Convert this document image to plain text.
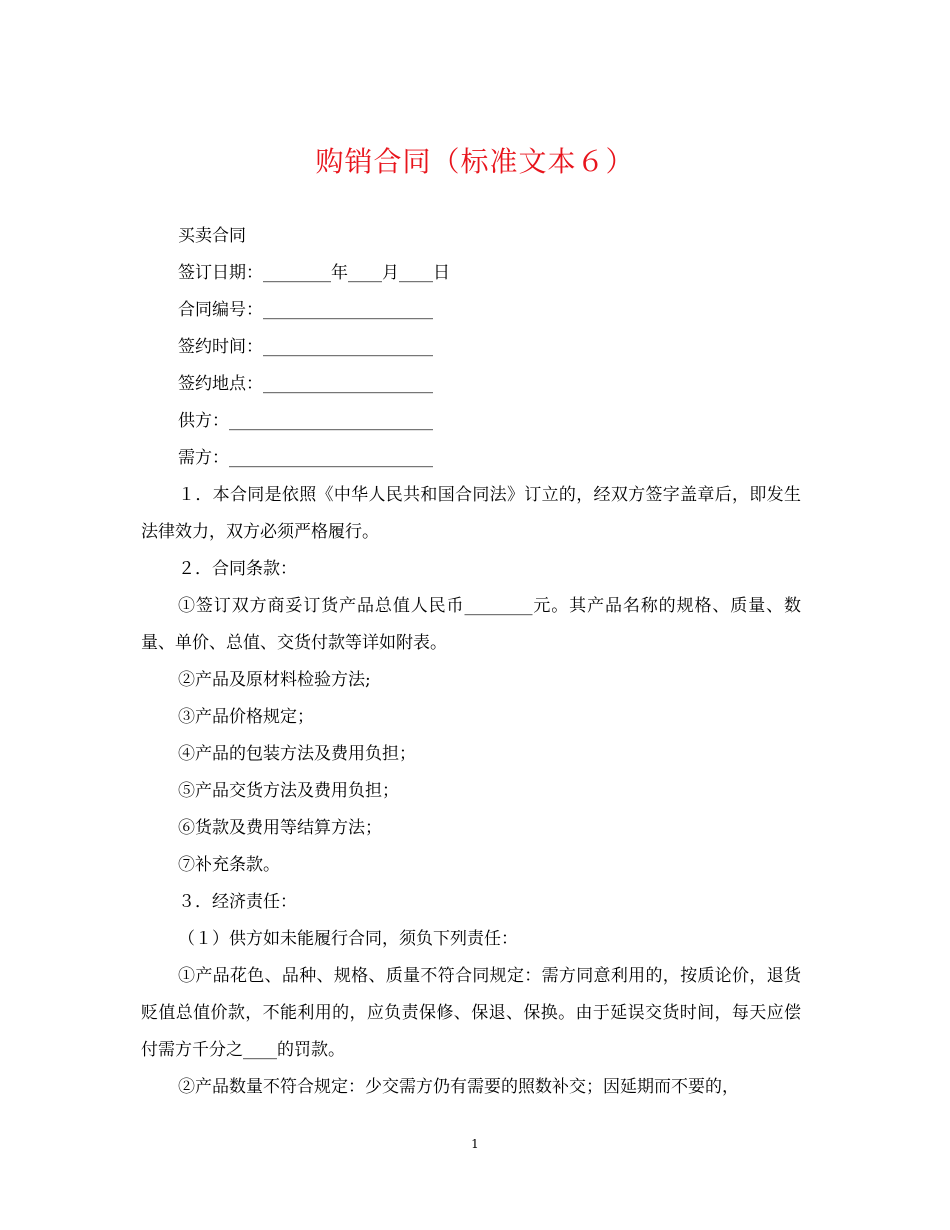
购销合同（标准文本６）

买卖合同

签订日期：________年____月____日

合同编号：____________________

签约时间：____________________

签约地点：____________________

供方：________________________

需方：________________________

１．本合同是依照《中华人民共和国合同法》订立的，经双方签字盖章后，即发生法律效力，双方必须严格履行。

２．合同条款：

①签订双方商妥订货产品总值人民币________元。其产品名称的规格、质量、数量、单价、总值、交货付款等详如附表。

②产品及原材料检验方法;

③产品价格规定；

④产品的包装方法及费用负担；

⑤产品交货方法及费用负担；

⑥货款及费用等结算方法；

⑦补充条款。

３．经济责任：

（１）供方如未能履行合同，须负下列责任：

①产品花色、品种、规格、质量不符合同规定：需方同意利用的，按质论价，退货贬值总值价款，不能利用的，应负责保修、保退、保换。由于延误交货时间，每天应偿付需方千分之____的罚款。

②产品数量不符合规定：少交需方仍有需要的照数补交；因延期而不要的，

1
